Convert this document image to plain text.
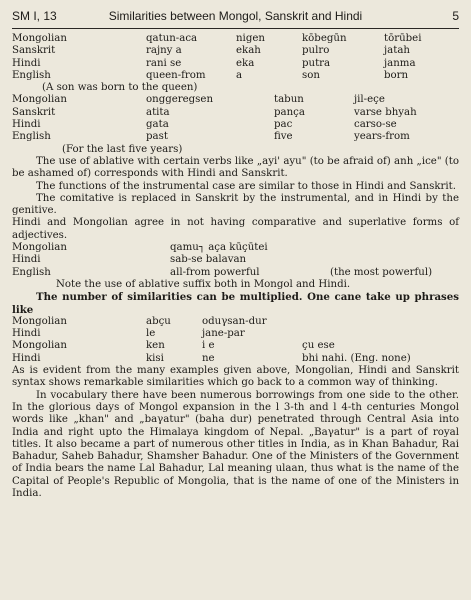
SM I, 13	Similarities between Mongol, Sanskrit and Hindi	5
Mongolian	qatun-aca	nigen	kōbegūn	tōrūbei
Sanskrit	rajny a	ekah	pulro	jatah
Hindi	rani se	eka	putra	janma
English	queen-from	a	son	born
(A son was born to the queen)
Mongolian	onggeregsen	tabun	jil-eçe
Sanskrit	atita	pança	varse bhyah
Hindi	gata	pac	carso-se
English	past	five	years-from
(For the last five years)
The use of ablative with certain verbs like „ayi' ayu" (to be afraid of) anh „ice" (to be ashamed of) corresponds with Hindi and Sanskrit.
The functions of the instrumental case are similar to those in Hindi and Sanskrit.
The comitative is replaced in Sanskrit by the instrumental, and in Hindi by the genitive.
Hindi and Mongolian agree in not having comparative and superlative forms of adjectives.
Mongolian	qamu┐ aça kūçūtei
Hindi	sab-se balavan
English	all-from powerful	(the most powerful)
Note the use of ablative suffix both in Mongol and Hindi.
The number of similarities can be multiplied. One cane take up phrases like
Mongolian	abçu	oduγsan-dur
Hindi	le	jane-par
Mongolian	ken	i e	çu ese
Hindi	kisi	ne	bhi nahi. (Eng. none)
As is evident from the many examples given above, Mongolian, Hindi and Sanskrit syntax shows remarkable similarities which go back to a common way of thinking.
In vocabulary there have been numerous borrowings from one side to the other. In the glorious days of Mongol expansion in the l 3-th and l 4-th centuries Mongol words like „khan" and „baγatur" (baha dur) penetrated through Central Asia into India and right upto the Himalaya kingdom of Nepal. „Baγatur" is a part of royal titles. It also became a part of numerous other titles in India, as in Khan Bahadur, Rai Bahadur, Saheb Bahadur, Shamsher Bahadur. One of the Ministers of the Government of India bears the name Lal Bahadur, Lal meaning ulaan, thus what is the name of the Capital of People's Republic of Mongolia, that is the name of one of the Ministers in India.
